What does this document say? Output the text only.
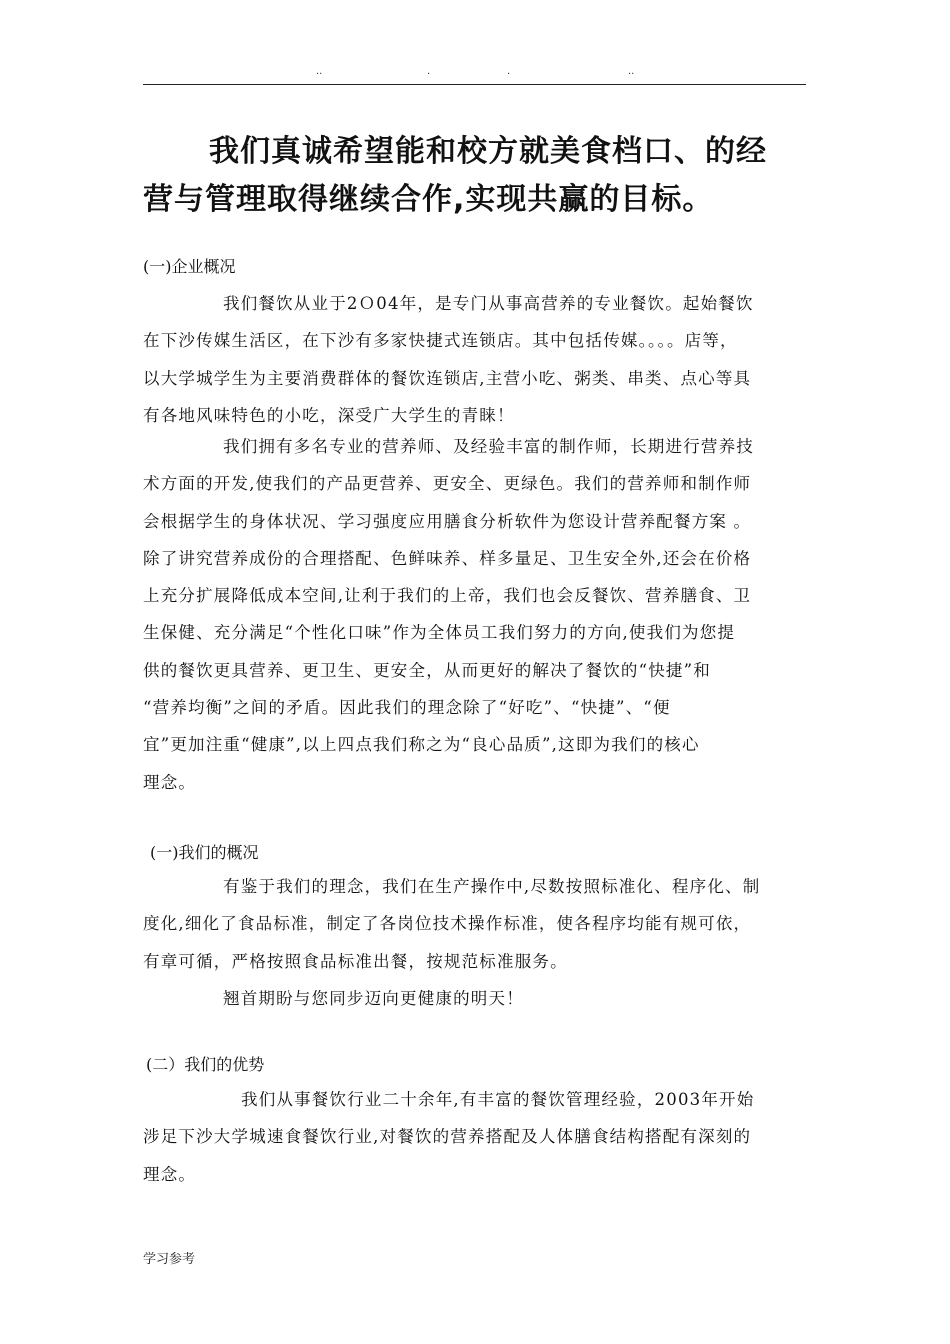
..	.	.	..
我们真诚希望能和校方就美食档口、的经
营与管理取得继续合作,实现共赢的目标。
(一)企业概况
我们餐饮从业于2Ｏ04年，是专门从事高营养的专业餐饮。起始餐饮
在下沙传媒生活区，在下沙有多家快捷式连锁店。其中包括传媒。。。。店等，
以大学城学生为主要消费群体的餐饮连锁店,主营小吃、粥类、串类、点心等具
有各地风味特色的小吃，深受广大学生的青睐！
我们拥有多名专业的营养师、及经验丰富的制作师，长期进行营养技
术方面的开发,使我们的产品更营养、更安全、更绿色。我们的营养师和制作师
会根据学生的身体状况、学习强度应用膳食分析软件为您设计营养配餐方案 。
除了讲究营养成份的合理搭配、色鲜味养、样多量足、卫生安全外,还会在价格
上充分扩展降低成本空间,让利于我们的上帝，我们也会反餐饮、营养膳食、卫
生保健、充分满足“个性化口味”作为全体员工我们努力的方向,使我们为您提
供的餐饮更具营养、更卫生、更安全，从而更好的解决了餐饮的“快捷”和
“营养均衡”之间的矛盾。因此我们的理念除了“好吃”、“快捷”、“便
宜”更加注重“健康”,以上四点我们称之为“良心品质”,这即为我们的核心
理念。
(一)我们的概况
有鉴于我们的理念，我们在生产操作中,尽数按照标准化、程序化、制
度化,细化了食品标准，制定了各岗位技术操作标准，使各程序均能有规可依，
有章可循，严格按照食品标准出餐，按规范标准服务。
翘首期盼与您同步迈向更健康的明天！
(二）我们的优势
我们从事餐饮行业二十余年,有丰富的餐饮管理经验，2003年开始
涉足下沙大学城速食餐饮行业,对餐饮的营养搭配及人体膳食结构搭配有深刻的
理念。
学习参考
